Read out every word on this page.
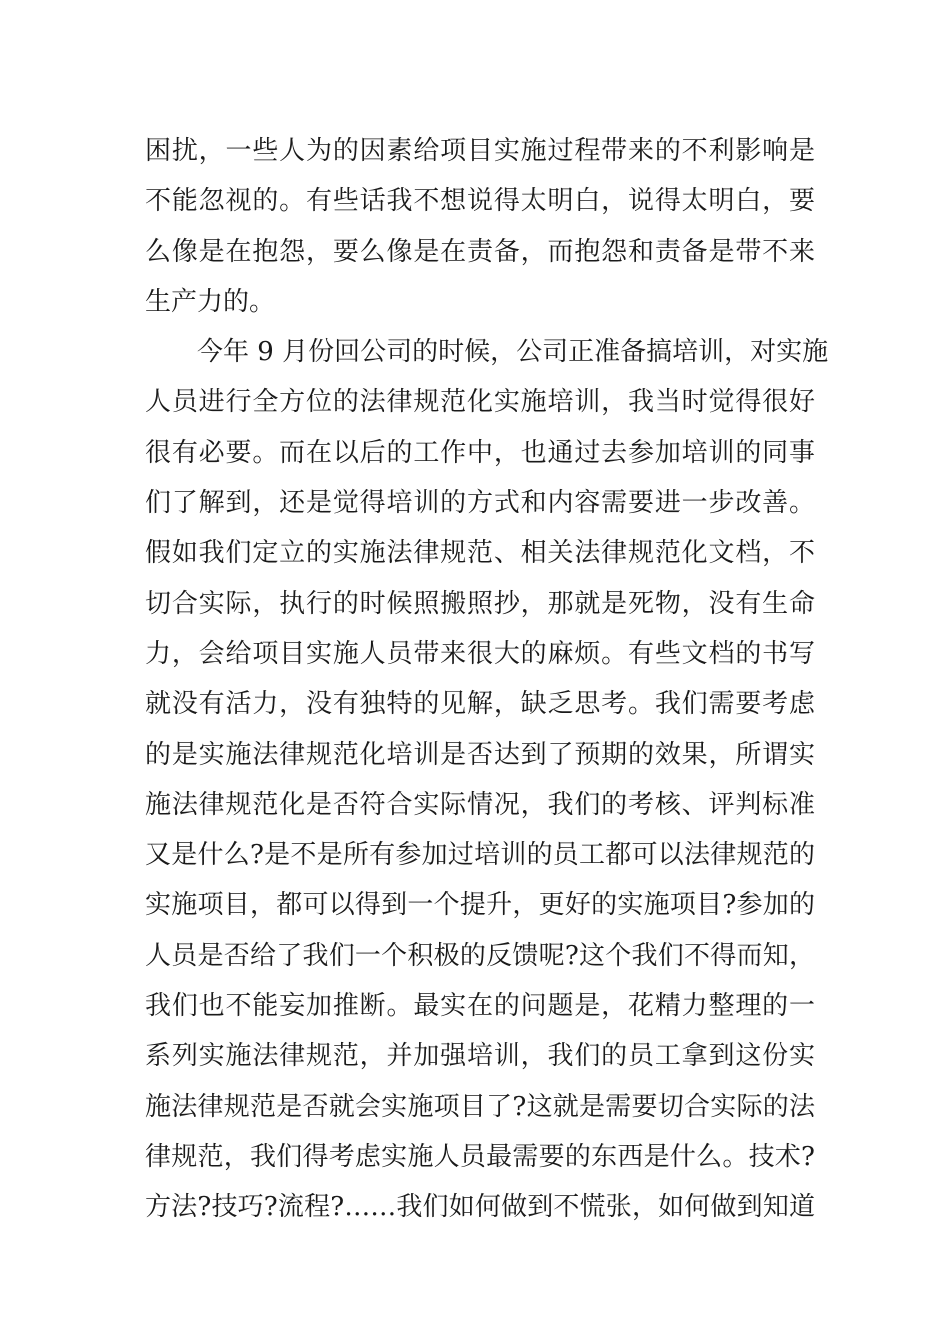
困扰，一些人为的因素给项目实施过程带来的不利影响是
不能忽视的。有些话我不想说得太明白，说得太明白，要
么像是在抱怨，要么像是在责备，而抱怨和责备是带不来
生产力的。
今年 9 月份回公司的时候，公司正准备搞培训，对实施
人员进行全方位的法律规范化实施培训，我当时觉得很好
很有必要。而在以后的工作中，也通过去参加培训的同事
们了解到，还是觉得培训的方式和内容需要进一步改善。
假如我们定立的实施法律规范、相关法律规范化文档，不
切合实际，执行的时候照搬照抄，那就是死物，没有生命
力，会给项目实施人员带来很大的麻烦。有些文档的书写
就没有活力，没有独特的见解，缺乏思考。我们需要考虑
的是实施法律规范化培训是否达到了预期的效果，所谓实
施法律规范化是否符合实际情况，我们的考核、评判标准
又是什么?是不是所有参加过培训的员工都可以法律规范的
实施项目，都可以得到一个提升，更好的实施项目?参加的
人员是否给了我们一个积极的反馈呢?这个我们不得而知，
我们也不能妄加推断。最实在的问题是，花精力整理的一
系列实施法律规范，并加强培训，我们的员工拿到这份实
施法律规范是否就会实施项目了?这就是需要切合实际的法
律规范，我们得考虑实施人员最需要的东西是什么。技术?
方法?技巧?流程?……我们如何做到不慌张，如何做到知道
